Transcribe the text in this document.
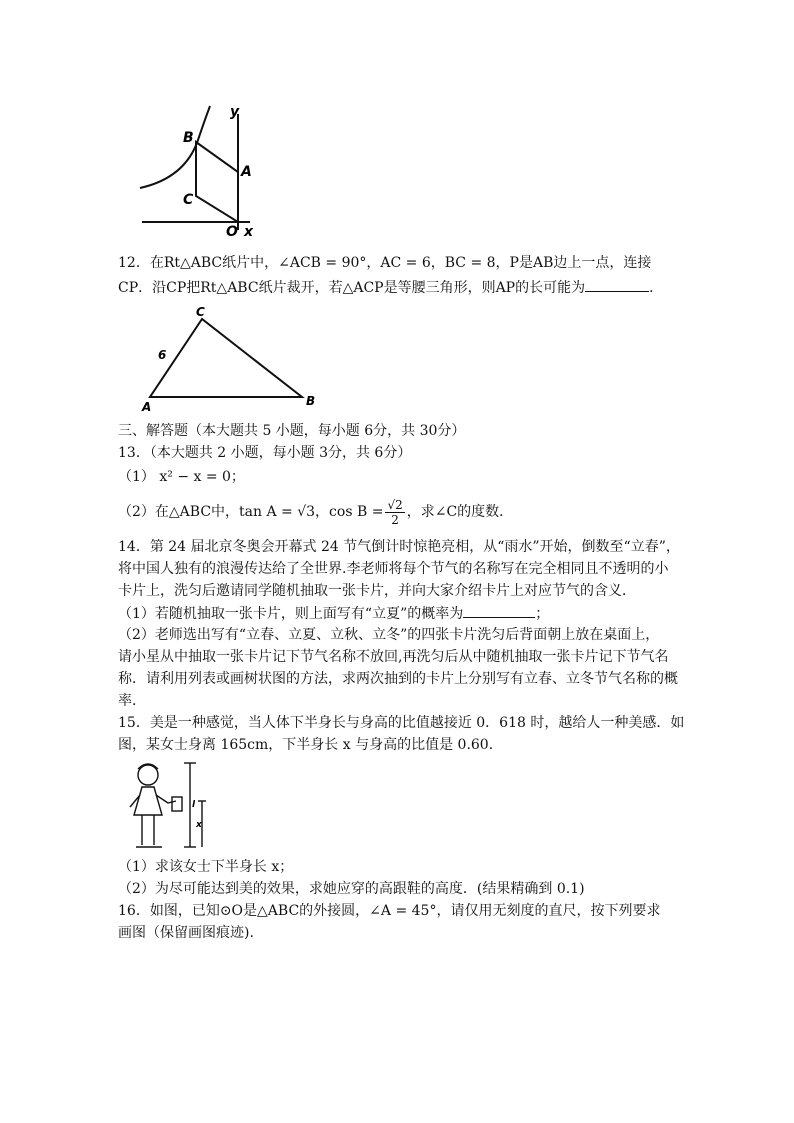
B
A
C
O x
y
12．在Rt△ABC纸片中，∠ACB = 90°，AC = 6，BC = 8，P是AB边上一点，连接
CP．沿CP把Rt△ABC纸片裁开，若△ACP是等腰三角形，则AP的长可能为	．
C
6
A	B
三、解答题（本大题共 5 小题，每小题 6分，共 30分）
13．（本大题共 2 小题，每小题 3分，共 6分）
（1） x² − x = 0；
（2）在△ABC中，tan A = √3，$\cos B = \frac{√2}{2}$ ，求∠C的度数．
14．第 24 届北京冬奥会开幕式 24 节气倒计时惊艳亮相，从“雨水”开始，倒数至“立春”，
将中国人独有的浪漫传达给了全世界.李老师将每个节气的名称写在完全相同且不透明的小
卡片上，洗匀后邀请同学随机抽取一张卡片，并向大家介绍卡片上对应节气的含义．
（1）若随机抽取一张卡片，则上面写有“立夏”的概率为	；
（2）老师选出写有“立春、立夏、立秋、立冬”的四张卡片洗匀后背面朝上放在桌面上，
请小星从中抽取一张卡片记下节气名称不放回,再洗匀后从中随机抽取一张卡片记下节气名
称．请利用列表或画树状图的方法，求两次抽到的卡片上分别写有立春、立冬节气名称的概
率．
15．美是一种感觉，当人体下半身长与身高的比值越接近 0．618 时，越给人一种美感．如
图，某女士身离 165cm，下半身长 x 与身高的比值是 0.60．
l
x
（1）求该女士下半身长 x；
（2）为尽可能达到美的效果，求她应穿的高跟鞋的高度．(结果精确到 0.1)
16．如图，已知⊙O是△ABC的外接圆，∠A = 45°，请仅用无刻度的直尺，按下列要求
画图（保留画图痕迹).
